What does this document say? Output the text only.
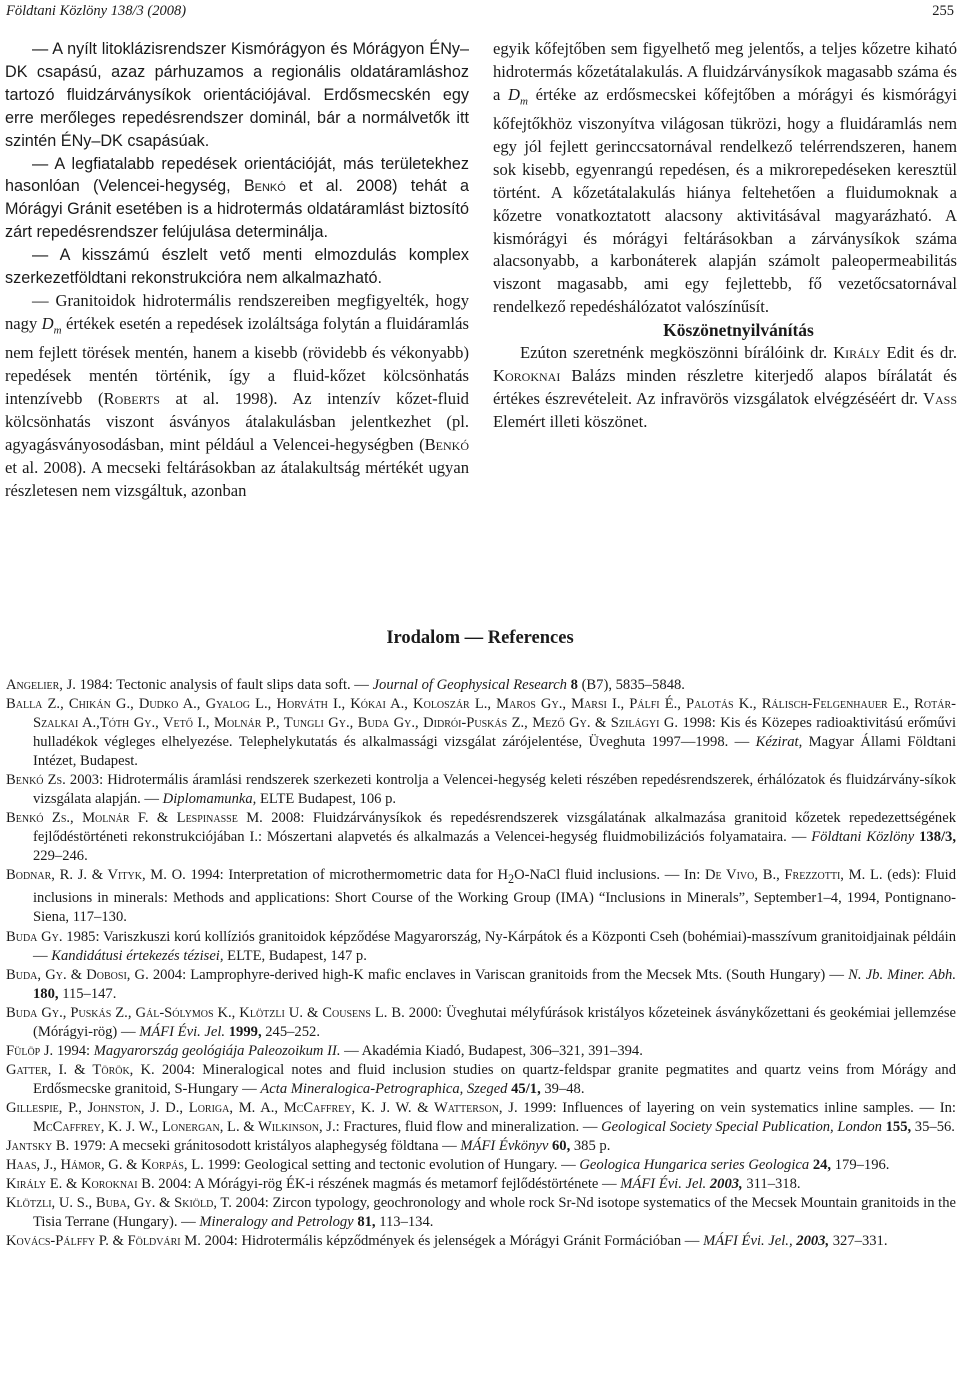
Földtani Közlöny 138/3 (2008)	255

— A nyílt litoklázisrendszer Kismórágyon és Mórágyon ÉNy–DK csapású, azaz párhuzamos a regionális oldatáramláshoz tartozó fluidzárványsíkok orientációjával. Erdősmecskén egy erre merőleges repedésrendszer dominál, bár a normálvetők itt szintén ÉNy–DK csapásúak.

— A legfiatalabb repedések orientációját, más területekhez hasonlóan (Velencei-hegység, Benkó et al. 2008) tehát a Mórágyi Gránit esetében is a hidrotermás oldatáramlást biztosító zárt repedésrendszer felújulása determinálja.

— A kisszámú észlelt vető menti elmozdulás komplex szerkezetföldtani rekonstrukcióra nem alkalmazható.

— Granitoidok hidrotermális rendszereiben megfigyelték, hogy nagy $D_m$ értékek esetén a repedések izoláltsága folytán a fluidáramlás nem fejlett törések mentén, hanem a kisebb (rövidebb és vékonyabb) repedések mentén történik, így a fluid-kőzet kölcsönhatás intenzívebb (Roberts at al. 1998). Az intenzív kőzet-fluid kölcsönhatás viszont ásványos átalakulásban jelentkezhet (pl. agyagásványosodásban, mint például a Velencei-hegységben (Benkó et al. 2008). A mecseki feltárásokban az átalakultság mértékét ugyan részletesen nem vizsgáltuk, azonban

egyik kőfejtőben sem figyelhető meg jelentős, a teljes kőzetre kiható hidrotermás kőzetátalakulás. A fluidzárványsíkok magasabb száma és a $D_m$ értéke az erdősmecskei kőfejtőben a mórágyi és kismórágyi kőfejtőkhöz viszonyítva világosan tükrözi, hogy a fluidáramlás nem egy jól fejlett gerinccsatornával rendelkező telérrendszeren, hanem sok kisebb, egyenrangú repedésen, és a mikrorepedéseken keresztül történt. A kőzetátalakulás hiánya feltehetően a fluidumoknak a kőzetre vonatkoztatott alacsony aktivitásával magyarázható. A kismórágyi és mórágyi feltárásokban a zárványsíkok száma alacsonyabb, a karbonáterek alapján számolt paleopermeabilitás viszont magasabb, ami egy fejlettebb, fő vezetőcsatornával rendelkező repedéshálózatot valószínűsít.

Köszönetnyilvánítás

Ezúton szeretnénk megköszönni bírálóink dr. Király Edit és dr. Koroknai Balázs minden részletre kiterjedő alapos bírálatát és értékes észrevételeit. Az infravörös vizsgálatok elvégzéséért dr. Vass Elemért illeti köszönet.

Irodalom — References

Angelier, J. 1984: Tectonic analysis of fault slips data soft. — Journal of Geophysical Research 8 (B7), 5835–5848.

Balla Z., Chikán G., Dudko A., Gyalog L., Horváth I., Kókai A., Koloszár L., Maros Gy., Marsi I., Pálfi É., Palotás K., Rálisch-Felgenhauer E., Rotár-Szalkai A.,Tóth Gy., Vető I., Molnár P., Tungli Gy., Buda Gy., Didrói-Puskás Z., Mező Gy. & Szilágyi G. 1998: Kis és Közepes radioaktivitású erőművi hulladékok végleges elhelyezése. Telephelykutatás és alkalmassági vizsgálat zárójelentése, Üveghuta 1997—1998. — Kézirat, Magyar Állami Földtani Intézet, Budapest.

Benkó Zs. 2003: Hidrotermális áramlási rendszerek szerkezeti kontrolja a Velencei-hegység keleti részében repedésrendszerek, érhálózatok és fluidzárvány-síkok vizsgálata alapján. — Diplomamunka, ELTE Budapest, 106 p.

Benkó Zs., Molnár F. & Lespinasse M. 2008: Fluidzárványsíkok és repedésrendszerek vizsgálatának alkalmazása granitoid kőzetek repedezettségének fejlődéstörténeti rekonstrukciójában I.: Mószertani alapvetés és alkalmazás a Velencei-hegység fluidmobilizációs folyamataira. — Földtani Közlöny 138/3, 229–246.

Bodnar, R. J. & Vityk, M. O. 1994: Interpretation of microthermometric data for $H_2O$-NaCl fluid inclusions. — In: De Vivo, B., Frezzotti, M. L. (eds): Fluid inclusions in minerals: Methods and applications: Short Course of the Working Group (IMA) “Inclusions in Minerals”, September1–4, 1994, Pontignano-Siena, 117–130.

Buda Gy. 1985: Variszkuszi korú kollíziós granitoidok képződése Magyarország, Ny-Kárpátok és a Központi Cseh (bohémiai)-masszívum granitoidjainak példáin — Kandidátusi értekezés tézisei, ELTE, Budapest, 147 p.

Buda, Gy. & Dobosi, G. 2004: Lamprophyre-derived high-K mafic enclaves in Variscan granitoids from the Mecsek Mts. (South Hungary) — N. Jb. Miner. Abh. 180, 115–147.

Buda Gy., Puskás Z., Gál-Sólymos K., Klötzli U. & Cousens L. B. 2000: Üveghutai mélyfúrások kristályos kőzeteinek ásványkőzettani és geokémiai jellemzése (Mórágyi-rög) — MÁFI Évi. Jel. 1999, 245–252.

Fülöp J. 1994: Magyarország geológiája Paleozoikum II. — Akadémia Kiadó, Budapest, 306–321, 391–394.

Gatter, I. & Török, K. 2004: Mineralogical notes and fluid inclusion studies on quartz-feldspar granite pegmatites and quartz veins from Mórágy and Erdősmecske granitoid, S-Hungary — Acta Mineralogica-Petrographica, Szeged 45/1, 39–48.

Gillespie, P., Johnston, J. D., Loriga, M. A., McCaffrey, K. J. W. & Watterson, J. 1999: Influences of layering on vein systematics inline samples. — In: McCaffrey, K. J. W., Lonergan, L. & Wilkinson, J.: Fractures, fluid flow and mineralization. — Geological Society Special Publication, London 155, 35–56.

Jantsky B. 1979: A mecseki gránitosodott kristályos alaphegység földtana — MÁFI Évkönyv 60, 385 p.

Haas, J., Hámor, G. & Korpás, L. 1999: Geological setting and tectonic evolution of Hungary. — Geologica Hungarica series Geologica 24, 179–196.

Király E. & Koroknai B. 2004: A Mórágyi-rög ÉK-i részének magmás és metamorf fejlődéstörténete — MÁFI Évi. Jel. 2003, 311–318.

Klötzli, U. S., Buba, Gy. & Skiöld, T. 2004: Zircon typology, geochronology and whole rock Sr-Nd isotope systematics of the Mecsek Mountain granitoids in the Tisia Terrane (Hungary). — Mineralogy and Petrology 81, 113–134.

Kovács-Pálffy P. & Földvári M. 2004: Hidrotermális képződmények és jelenségek a Mórágyi Gránit Formációban — MÁFI Évi. Jel., 2003, 327–331.
